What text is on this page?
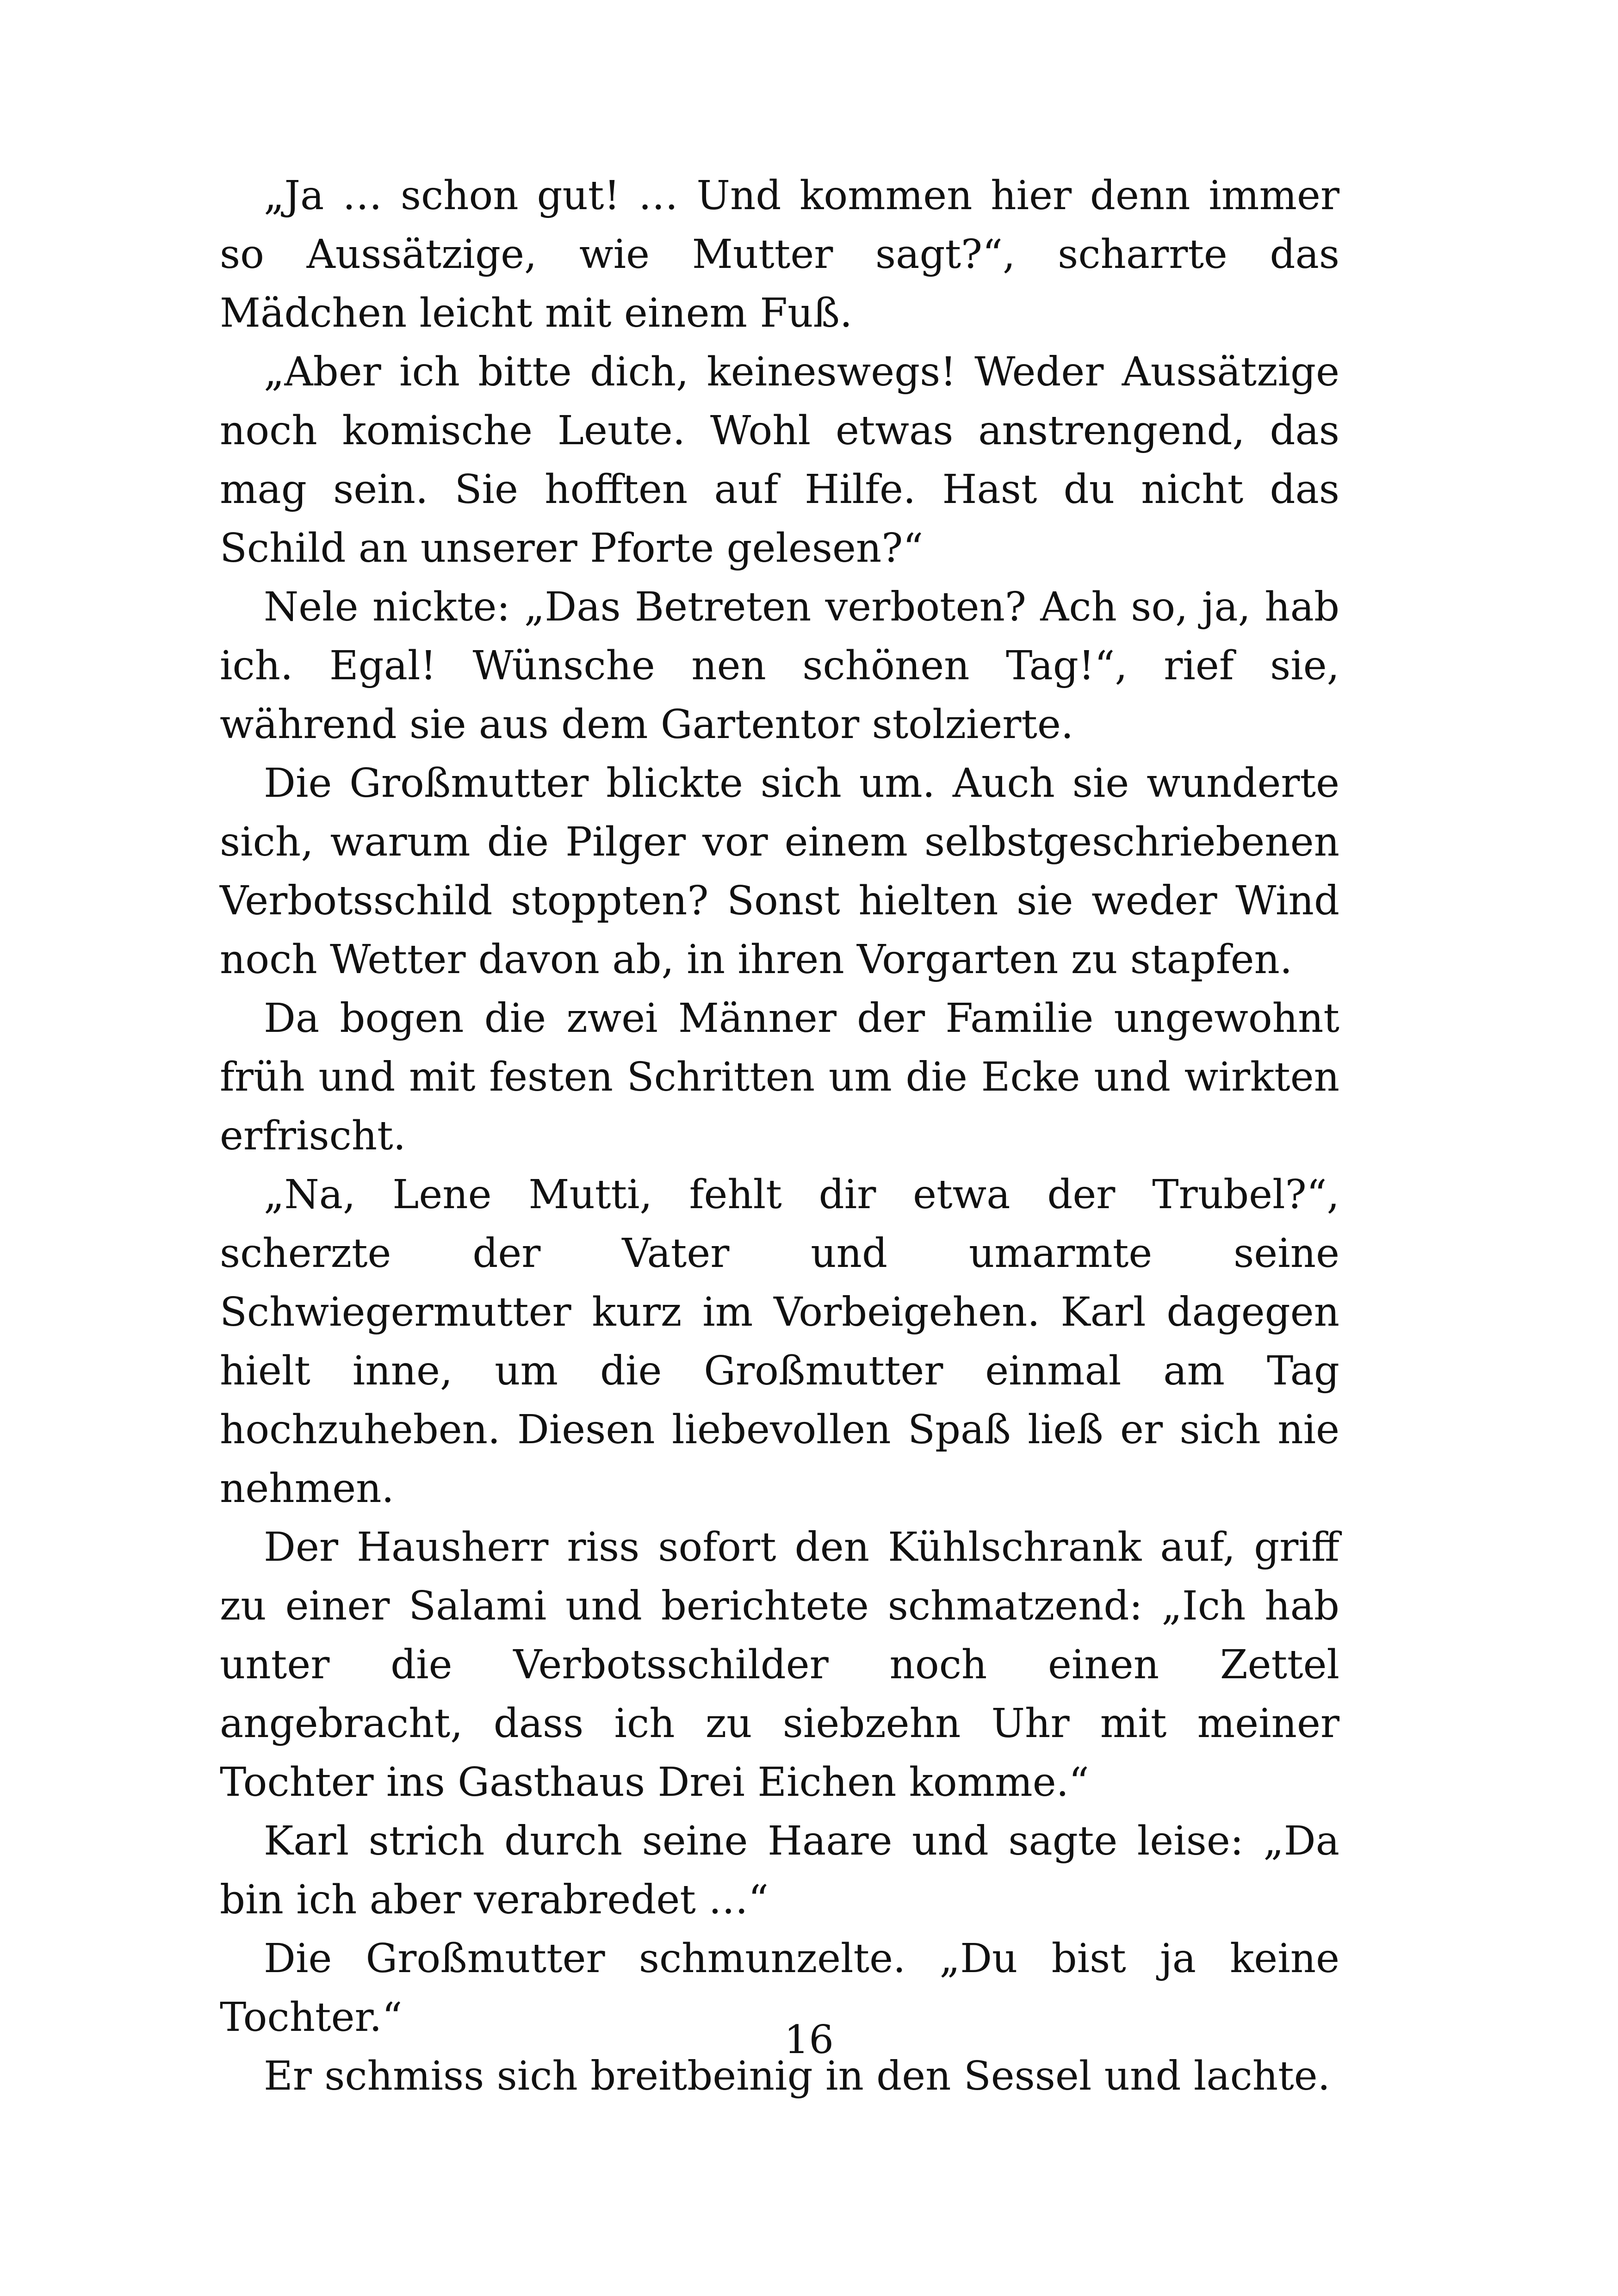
„Ja … schon gut! … Und kommen hier denn immer so Aussätzige, wie Mutter sagt?“, scharrte das Mädchen leicht mit einem Fuß.

„Aber ich bitte dich, keineswegs! Weder Aussätzige noch komische Leute. Wohl etwas anstrengend, das mag sein. Sie hofften auf Hilfe. Hast du nicht das Schild an unserer Pforte gelesen?“

Nele nickte: „Das Betreten verboten? Ach so, ja, hab ich. Egal! Wünsche nen schönen Tag!“, rief sie, während sie aus dem Gartentor stolzierte.

Die Großmutter blickte sich um. Auch sie wunderte sich, warum die Pilger vor einem selbstgeschriebenen Verbotsschild stoppten? Sonst hielten sie weder Wind noch Wetter davon ab, in ihren Vorgarten zu stapfen.

Da bogen die zwei Männer der Familie ungewohnt früh und mit festen Schritten um die Ecke und wirkten erfrischt.

„Na, Lene Mutti, fehlt dir etwa der Trubel?“, scherzte der Vater und umarmte seine Schwiegermutter kurz im Vorbeigehen. Karl dagegen hielt inne, um die Großmutter einmal am Tag hochzuheben. Diesen liebevollen Spaß ließ er sich nie nehmen.

Der Hausherr riss sofort den Kühlschrank auf, griff zu einer Salami und berichtete schmatzend: „Ich hab unter die Verbotsschilder noch einen Zettel angebracht, dass ich zu siebzehn Uhr mit meiner Tochter ins Gasthaus Drei Eichen komme.“

Karl strich durch seine Haare und sagte leise: „Da bin ich aber verabredet …“

Die Großmutter schmunzelte. „Du bist ja keine Tochter.“

Er schmiss sich breitbeinig in den Sessel und lachte.

16
